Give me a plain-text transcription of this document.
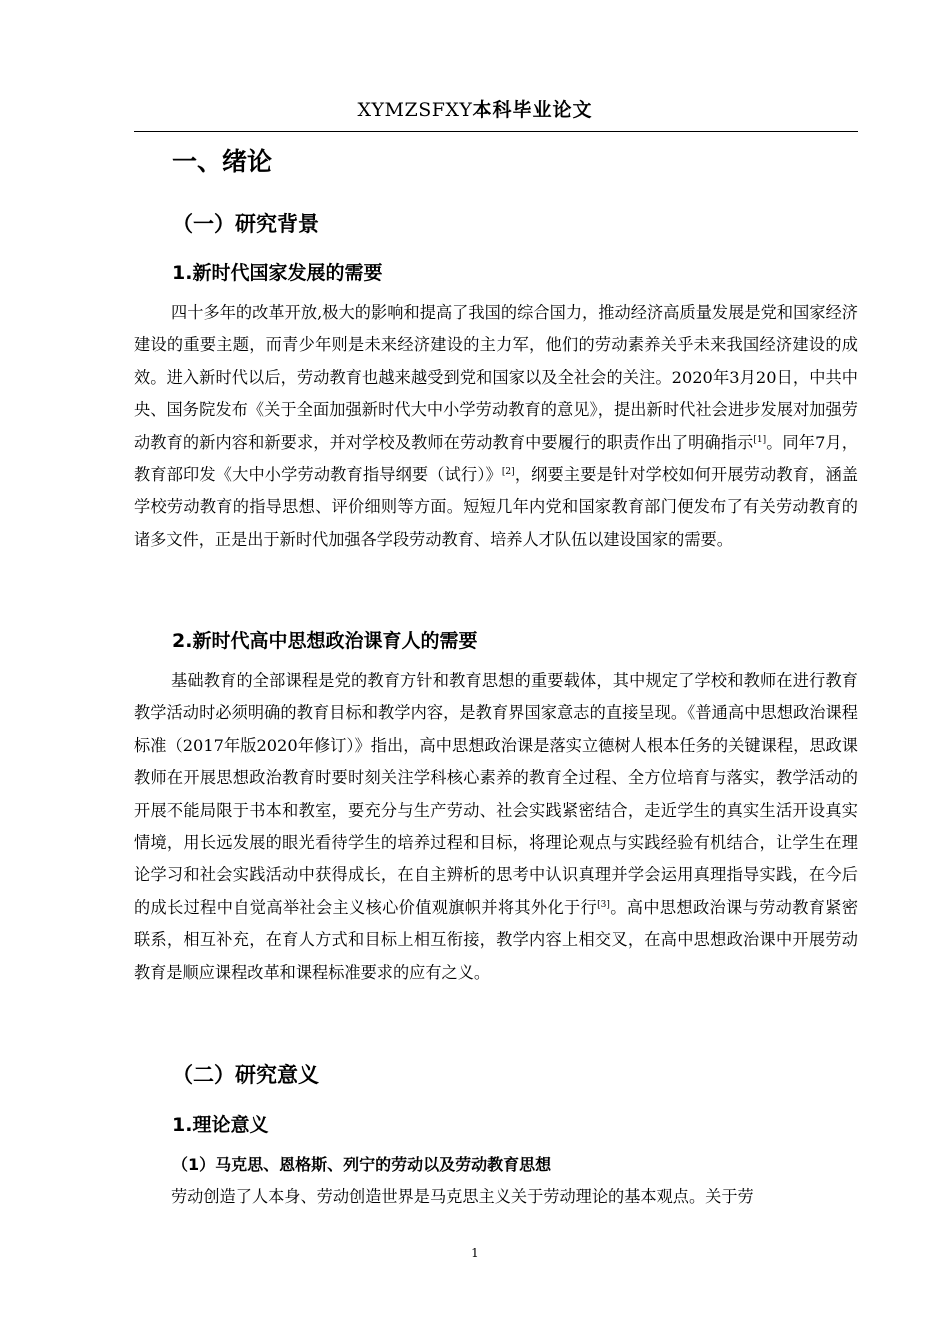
XYMZSFXY本科毕业论文
一、绪论
（一）研究背景
1.新时代国家发展的需要

四十多年的改革开放,极大的影响和提高了我国的综合国力，推动经济高质量发展是党和国家经济建设的重要主题，而青少年则是未来经济建设的主力军，他们的劳动素养关乎未来我国经济建设的成效。进入新时代以后，劳动教育也越来越受到党和国家以及全社会的关注。2020年3月20日，中共中央、国务院发布《关于全面加强新时代大中小学劳动教育的意见》，提出新时代社会进步发展对加强劳动教育的新内容和新要求，并对学校及教师在劳动教育中要履行的职责作出了明确指示[1]。同年7月，教育部印发《大中小学劳动教育指导纲要（试行）》[2]，纲要主要是针对学校如何开展劳动教育，涵盖学校劳动教育的指导思想、评价细则等方面。短短几年内党和国家教育部门便发布了有关劳动教育的诸多文件，正是出于新时代加强各学段劳动教育、培养人才队伍以建设国家的需要。

2.新时代高中思想政治课育人的需要

基础教育的全部课程是党的教育方针和教育思想的重要载体，其中规定了学校和教师在进行教育教学活动时必须明确的教育目标和教学内容，是教育界国家意志的直接呈现。《普通高中思想政治课程标准（2017年版2020年修订）》指出，高中思想政治课是落实立德树人根本任务的关键课程，思政课教师在开展思想政治教育时要时刻关注学科核心素养的教育全过程、全方位培育与落实，教学活动的开展不能局限于书本和教室，要充分与生产劳动、社会实践紧密结合，走近学生的真实生活开设真实情境，用长远发展的眼光看待学生的培养过程和目标，将理论观点与实践经验有机结合，让学生在理论学习和社会实践活动中获得成长，在自主辨析的思考中认识真理并学会运用真理指导实践，在今后的成长过程中自觉高举社会主义核心价值观旗帜并将其外化于行[3]。高中思想政治课与劳动教育紧密联系，相互补充，在育人方式和目标上相互衔接，教学内容上相交叉，在高中思想政治课中开展劳动教育是顺应课程改革和课程标准要求的应有之义。

（二）研究意义
1.理论意义
（1）马克思、恩格斯、列宁的劳动以及劳动教育思想

劳动创造了人本身、劳动创造世界是马克思主义关于劳动理论的基本观点。关于劳

1
